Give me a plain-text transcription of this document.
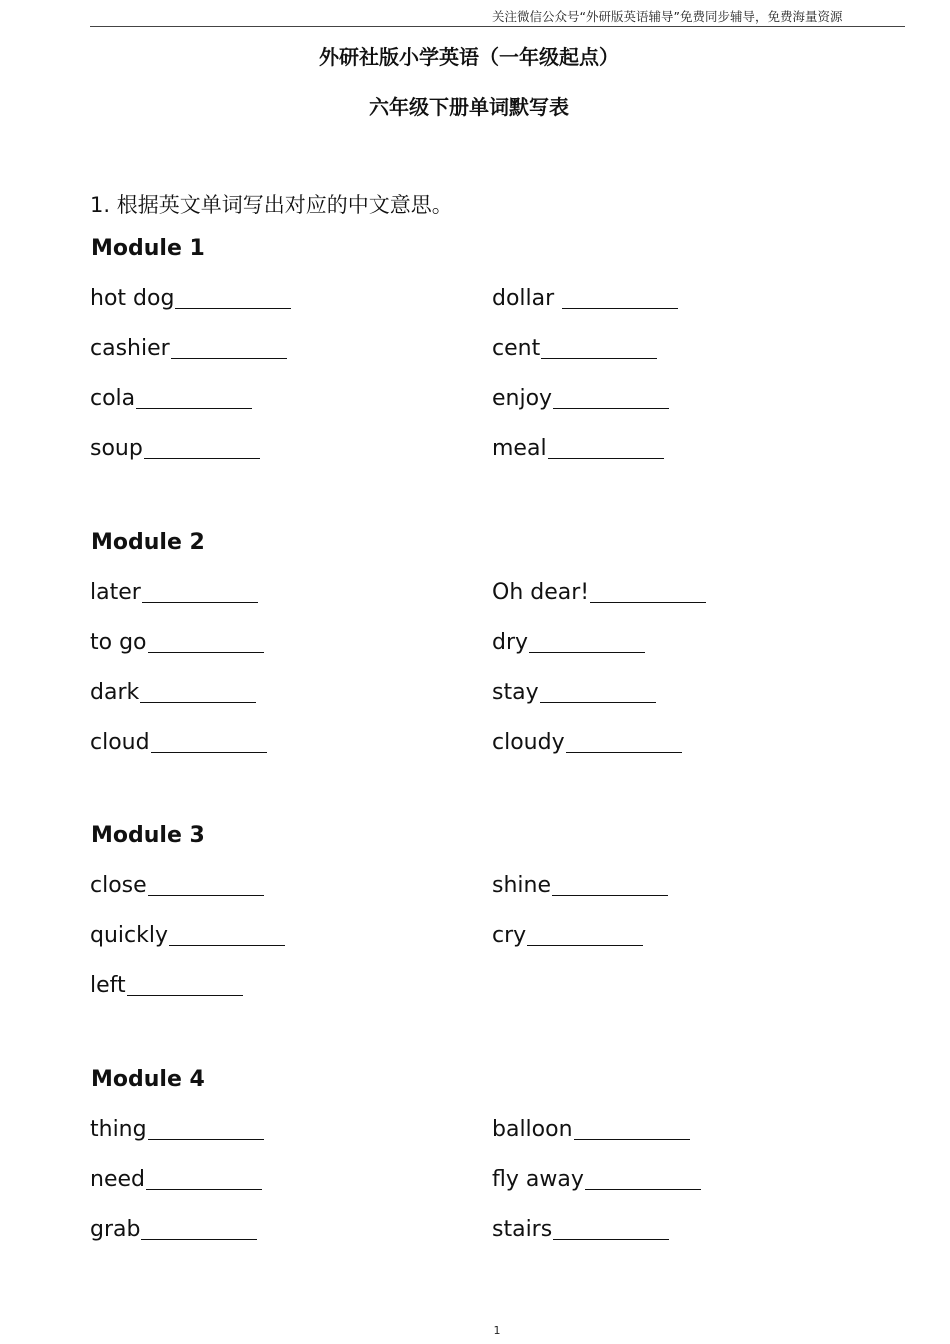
关注微信公众号“外研版英语辅导”免费同步辅导，免费海量资源
外研社版小学英语（一年级起点）
六年级下册单词默写表
1. 根据英文单词写出对应的中文意思。
Module 1
hot dog	dollar
cashier	cent
cola	enjoy
soup	meal
Module 2
later	Oh dear!
to go	dry
dark	stay
cloud	cloudy
Module 3
close	shine
quickly	cry
left
Module 4
thing	balloon
need	fly away
grab	stairs
1
